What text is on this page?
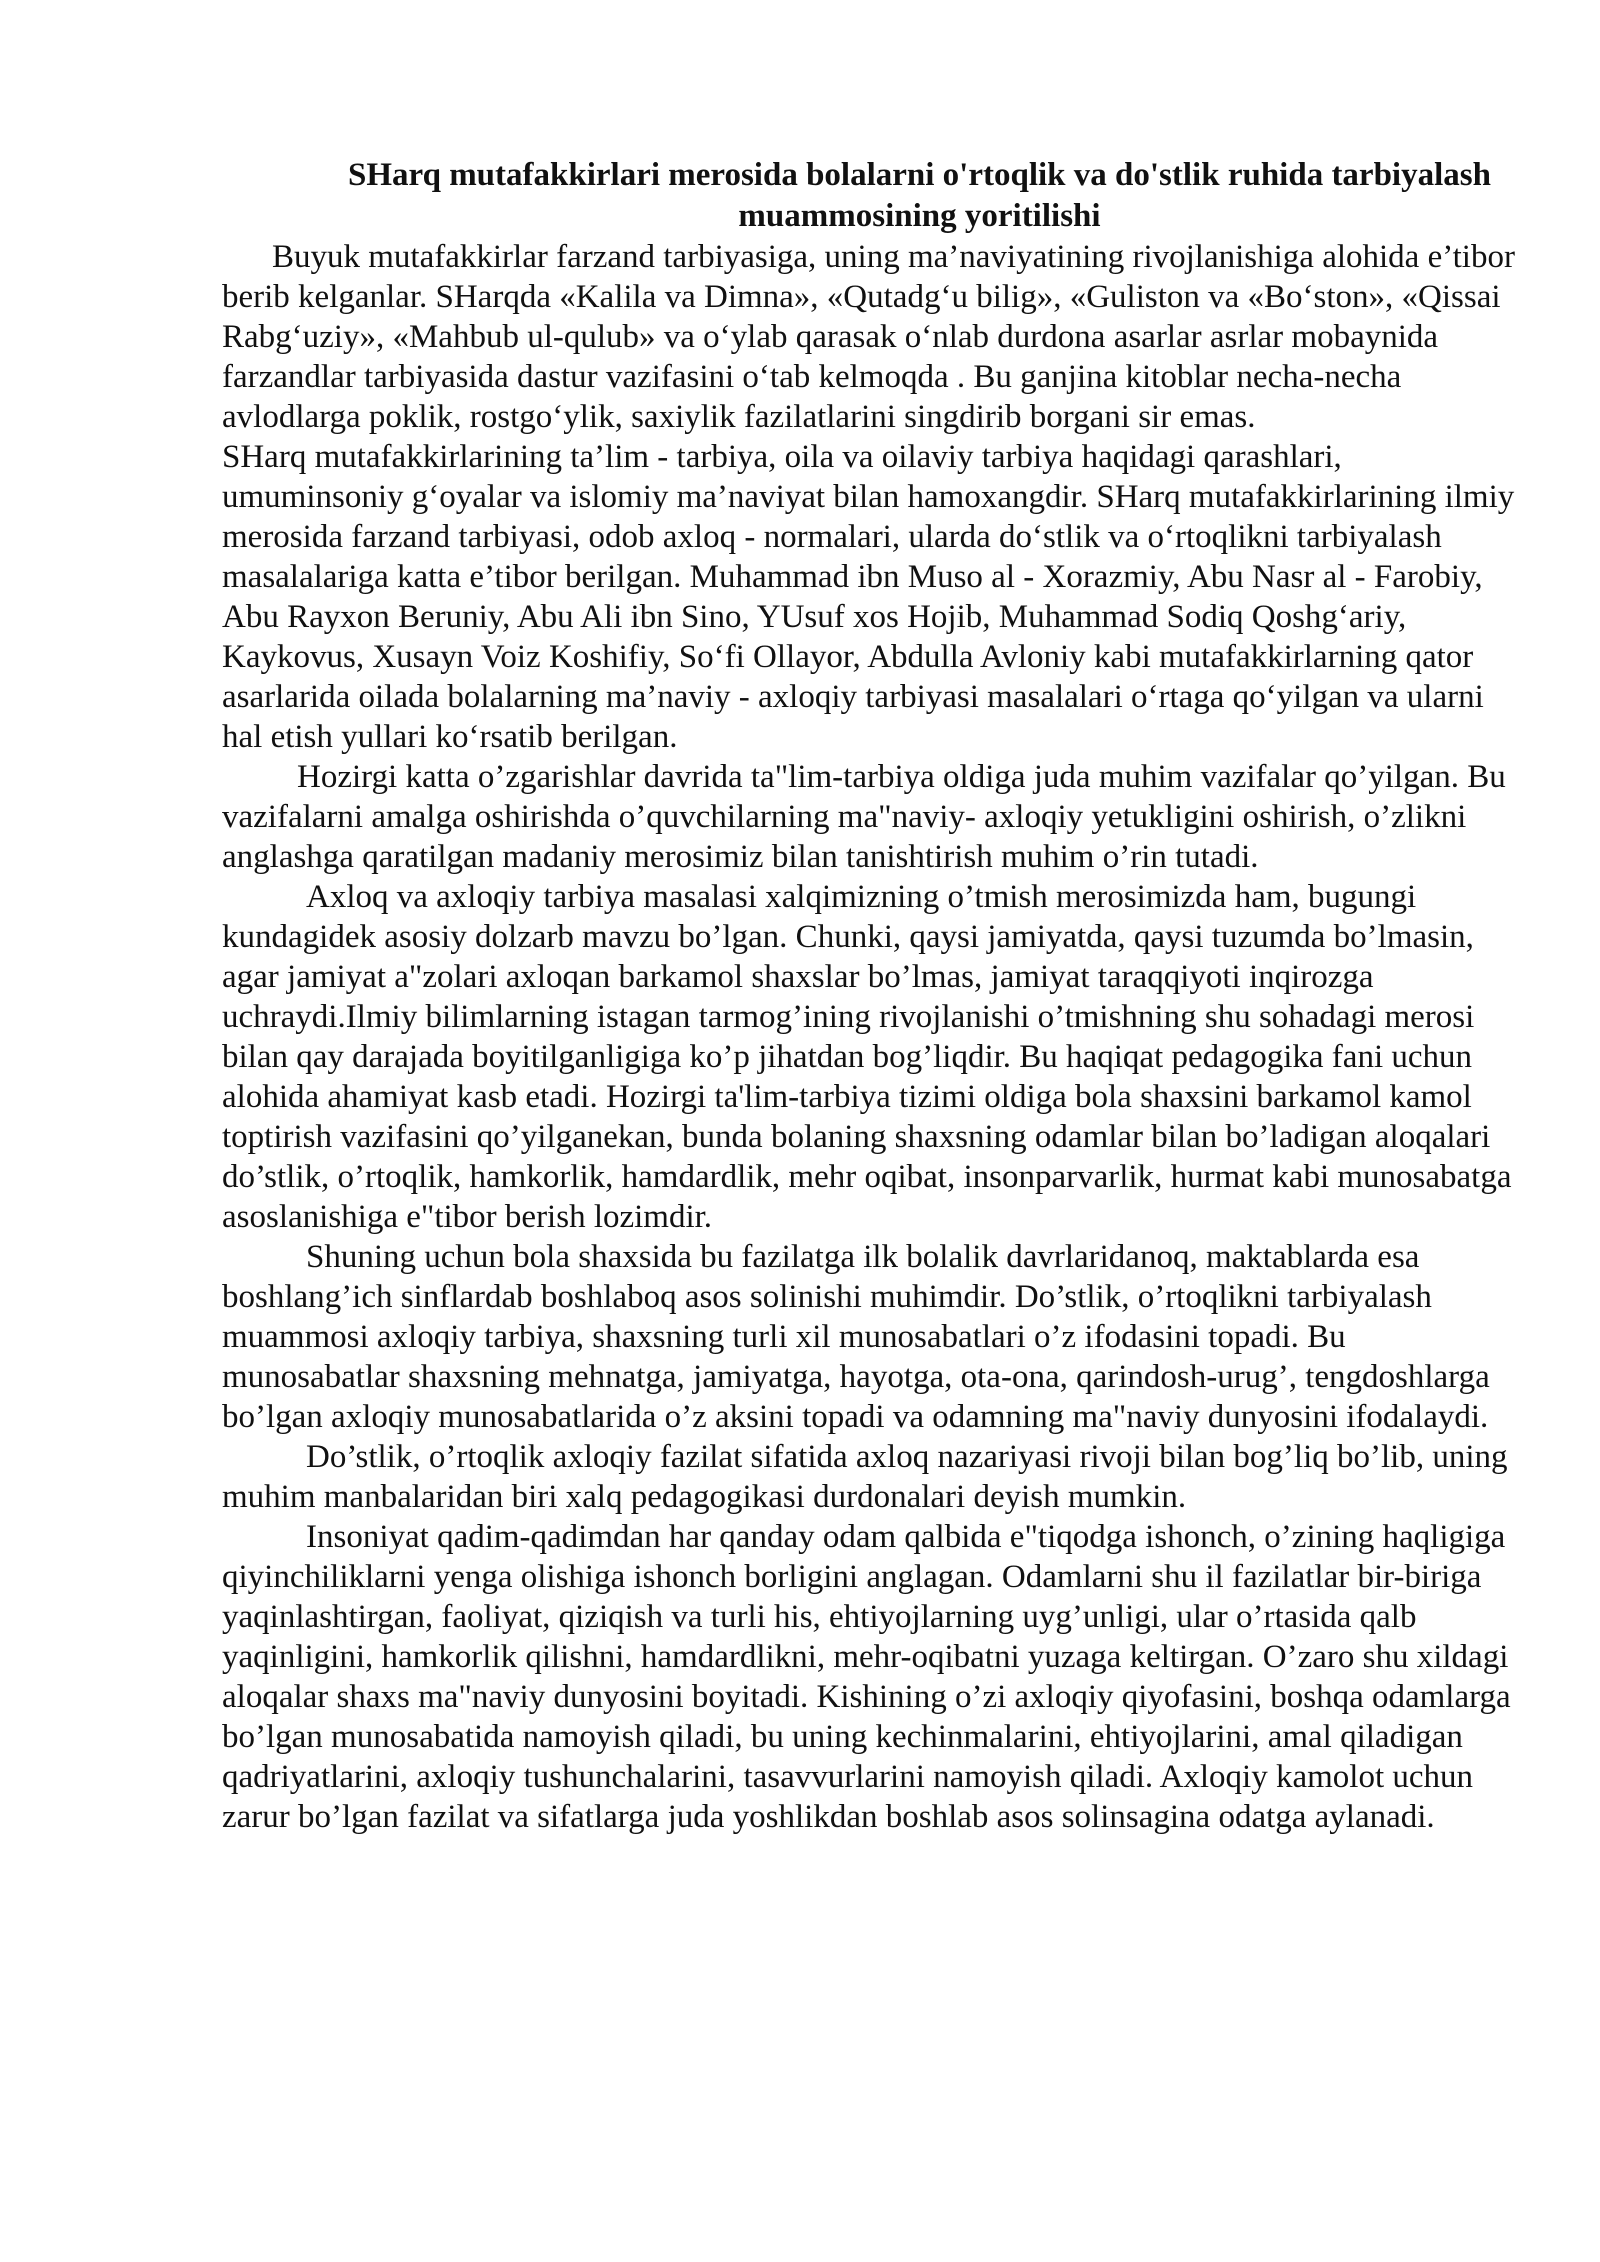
SHarq mutafakkirlari merosida bolalarni o'rtoqlik va do'stlik ruhida tarbiyalash muammosining yoritilishi

Buyuk mutafakkirlar farzand tarbiyasiga, uning ma’naviyatining rivojlanishiga alohida e’tibor berib kelganlar. SHarqda «Kalila va Dimna», «Qutadg‘u bilig», «Guliston va «Bo‘ston», «Qissai Rabg‘uziy», «Mahbub ul-qulub» va o‘ylab qarasak o‘nlab durdona asarlar asrlar mobaynida farzandlar tarbiyasida dastur vazifasini o‘tab kelmoqda . Bu ganjina kitoblar necha-necha avlodlarga poklik, rostgo‘ylik, saxiylik fazilatlarini singdirib borgani sir emas.

SHarq mutafakkirlarining ta’lim - tarbiya, oila va oilaviy tarbiya haqidagi qarashlari, umuminsoniy g‘oyalar va islomiy ma’naviyat bilan hamoxangdir. SHarq mutafakkirlarining ilmiy merosida farzand tarbiyasi, odob axloq - normalari, ularda do‘stlik va o‘rtoqlikni tarbiyalash masalalariga katta e’tibor berilgan. Muhammad ibn Muso al - Xorazmiy, Abu Nasr al - Farobiy, Abu Rayxon Beruniy, Abu Ali ibn Sino, YUsuf xos Hojib, Muhammad Sodiq Qoshg‘ariy, Kaykovus, Xusayn Voiz Koshifiy, So‘fi Ollayor, Abdulla Avloniy kabi mutafakkirlarning qator asarlarida oilada bolalarning ma’naviy - axloqiy tarbiyasi masalalari o‘rtaga qo‘yilgan va ularni hal etish yullari ko‘rsatib berilgan.

Hozirgi katta o’zgarishlar davrida ta"lim-tarbiya oldiga juda muhim vazifalar qo’yilgan. Bu vazifalarni amalga oshirishda o’quvchilarning ma"naviy- axloqiy yetukligini oshirish, o’zlikni anglashga qaratilgan madaniy merosimiz bilan tanishtirish muhim o’rin tutadi.

Axloq va axloqiy tarbiya masalasi xalqimizning o’tmish merosimizda ham, bugungi kundagidek asosiy dolzarb mavzu bo’lgan. Chunki, qaysi jamiyatda, qaysi tuzumda bo’lmasin, agar jamiyat a"zolari axloqan barkamol shaxslar bo’lmas, jamiyat taraqqiyoti inqirozga uchraydi.Ilmiy bilimlarning istagan tarmog’ining rivojlanishi o’tmishning shu sohadagi merosi bilan qay darajada boyitilganligiga ko’p jihatdan bog’liqdir. Bu haqiqat pedagogika fani uchun alohida ahamiyat kasb etadi. Hozirgi ta'lim-tarbiya tizimi oldiga bola shaxsini barkamol kamol toptirish vazifasini qo’yilganekan, bunda bolaning shaxsning odamlar bilan bo’ladigan aloqalari do’stlik, o’rtoqlik, hamkorlik, hamdardlik, mehr oqibat, insonparvarlik, hurmat kabi munosabatga asoslanishiga e"tibor berish lozimdir.

Shuning uchun bola shaxsida bu fazilatga ilk bolalik davrlaridanoq, maktablarda esa boshlang’ich sinflardab boshlaboq asos solinishi muhimdir. Do’stlik, o’rtoqlikni tarbiyalash muammosi axloqiy tarbiya, shaxsning turli xil munosabatlari o’z ifodasini topadi. Bu munosabatlar shaxsning mehnatga, jamiyatga, hayotga, ota-ona, qarindosh-urug’, tengdoshlarga bo’lgan axloqiy munosabatlarida o’z aksini topadi va odamning ma"naviy dunyosini ifodalaydi.

Do’stlik, o’rtoqlik axloqiy fazilat sifatida axloq nazariyasi rivoji bilan bog’liq bo’lib, uning muhim manbalaridan biri xalq pedagogikasi durdonalari deyish mumkin.

Insoniyat qadim-qadimdan har qanday odam qalbida e"tiqodga ishonch, o’zining haqligiga qiyinchiliklarni yenga olishiga ishonch borligini anglagan. Odamlarni shu il fazilatlar bir-biriga yaqinlashtirgan, faoliyat, qiziqish va turli his, ehtiyojlarning uyg’unligi, ular o’rtasida qalb yaqinligini, hamkorlik qilishni, hamdardlikni, mehr-oqibatni yuzaga keltirgan. O’zaro shu xildagi aloqalar shaxs ma"naviy dunyosini boyitadi. Kishining o’zi axloqiy qiyofasini, boshqa odamlarga bo’lgan munosabatida namoyish qiladi, bu uning kechinmalarini, ehtiyojlarini, amal qiladigan qadriyatlarini, axloqiy tushunchalarini, tasavvurlarini namoyish qiladi. Axloqiy kamolot uchun zarur bo’lgan fazilat va sifatlarga juda yoshlikdan boshlab asos solinsagina odatga aylanadi.
